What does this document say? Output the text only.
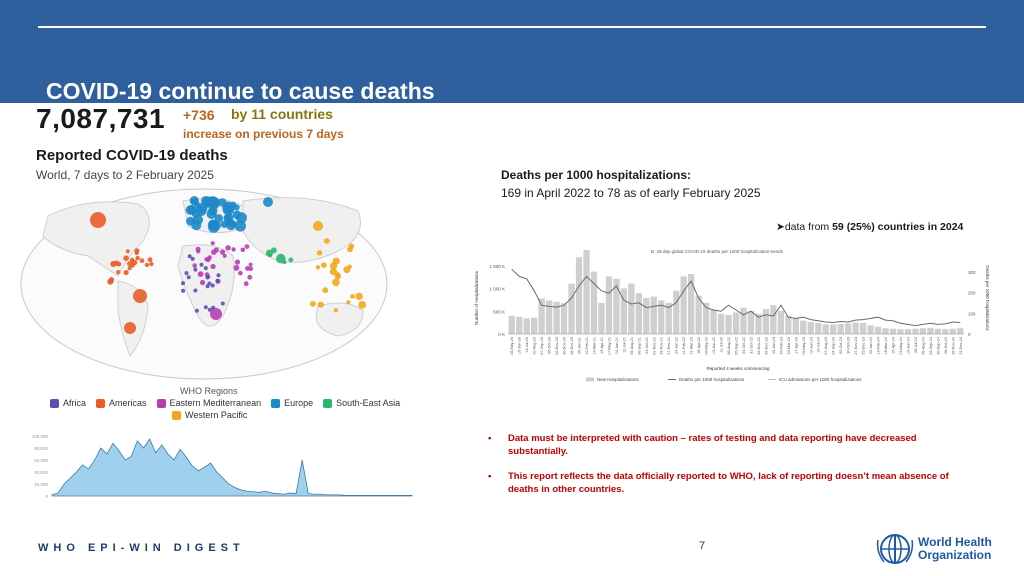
COVID-19 continue to cause deaths
7,087,731 +736 by 11 countries
increase on previous 7 days
Reported COVID-19 deaths
World, 7 days to 2 February 2025
WHO Regions
Africa	Americas	Eastern Mediterranean	Europe	South-East Asia
Western Pacific
100,000
80,000
60,000
40,000
20,000
0
Deaths per 1000 hospitalizations:
169 in April 2022 to 78 as of early February 2025
➤data from 59 (25%) countries in 2024
B. 28-day global COVID-19 deaths per 1000 hospitalization trends
1 500 K
1 000 K
500 K
0 K
300
200
100
0
Number of Hospitalizations	Deaths per 1000 hospitalizations
18-May-20 15-Jun-20 13-Jul-20 10-Aug-20 07-Sep-20 05-Oct-20 02-Nov-20 30-Nov-20 28-Dec-20 25-Jan-21 22-Feb-21 22-Mar-21 19-Apr-21 17-May-21 14-Jun-21 12-Jul-21 09-Aug-21 06-Sep-21 04-Oct-21 01-Nov-21 29-Nov-21 27-Dec-21 24-Jan-22 21-Feb-22 21-Mar-22 18-Apr-22 16-May-22 13-Jun-22 11-Jul-22 08-Aug-22 05-Sep-22 03-Oct-22 31-Oct-22 28-Nov-22 26-Dec-22 23-Jan-23 20-Feb-23 20-Mar-23 17-Apr-23 15-May-23 12-Jun-23 10-Jul-23 07-Aug-23 04-Sep-23 02-Oct-23 30-Oct-23 27-Nov-23 25-Dec-23 22-Jan-24 19-Feb-24 18-Mar-24 15-Apr-24 13-May-24 10-Jun-24 08-Jul-24 05-Aug-24 02-Sep-24 30-Sep-24 28-Oct-24 25-Nov-24 23-Dec-24
Reported 4 weeks commencing
New Hospitalizations	Deaths per 1000 hospitalizations	ICU admissions per 1000 hospitalizations
•	Data must be interpreted with caution – rates of testing and data reporting have decreased substantially.
•	This report reflects the data officially reported to WHO, lack of reporting doesn’t mean absence of deaths in other countries.
WHO EPI-WIN DIGEST	7	World Health
Organization
